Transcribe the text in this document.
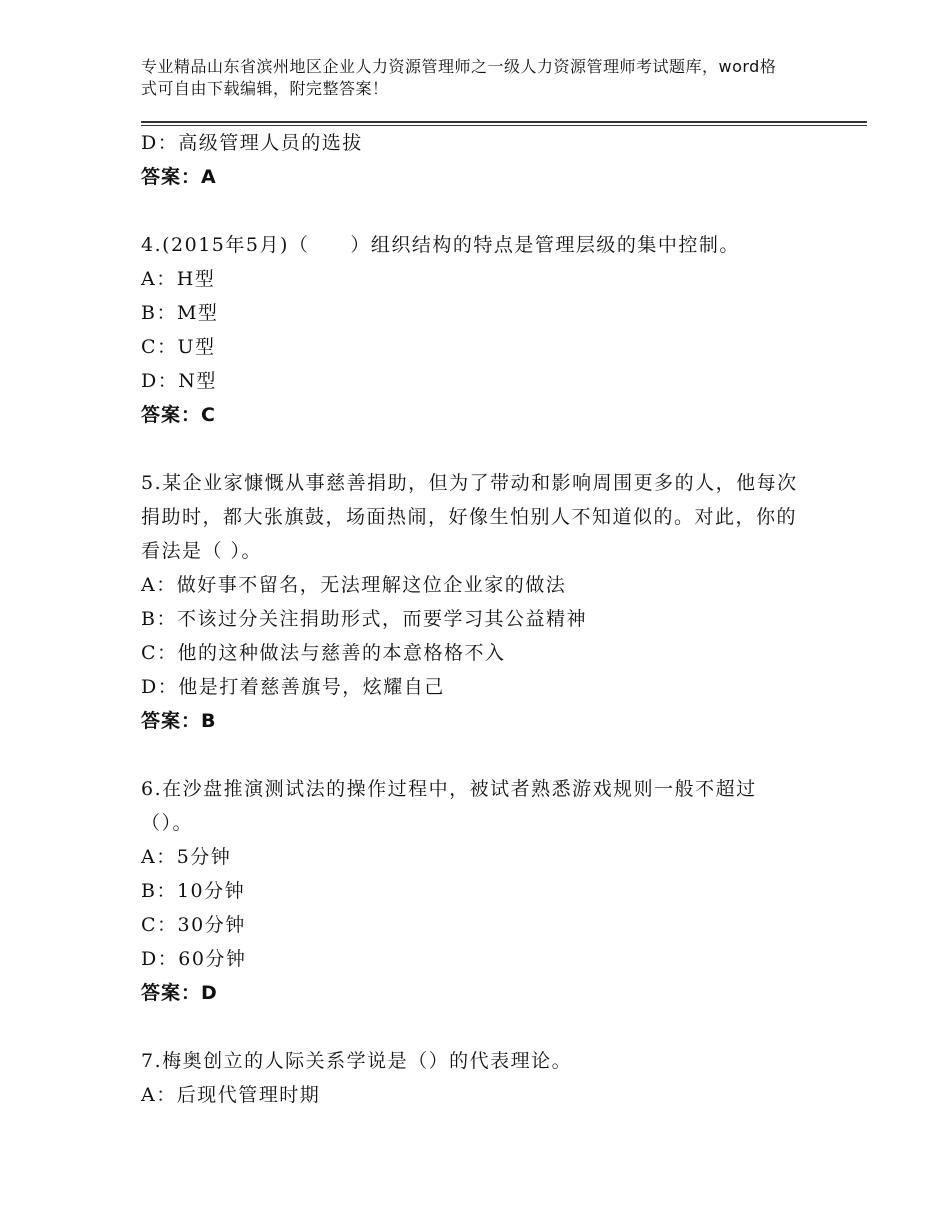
专业精品山东省滨州地区企业人力资源管理师之一级人力资源管理师考试题库，word格式可自由下载编辑，附完整答案！
D：高级管理人员的选拔
答案：A
4.(2015年5月)（　　）组织结构的特点是管理层级的集中控制。
A：H型
B：M型
C：U型
D：N型
答案：C
5.某企业家慷慨从事慈善捐助，但为了带动和影响周围更多的人，他每次捐助时，都大张旗鼓，场面热闹，好像生怕别人不知道似的。对此，你的看法是（ ）。
A：做好事不留名，无法理解这位企业家的做法
B：不该过分关注捐助形式，而要学习其公益精神
C：他的这种做法与慈善的本意格格不入
D：他是打着慈善旗号，炫耀自己
答案：B
6.在沙盘推演测试法的操作过程中，被试者熟悉游戏规则一般不超过（）。
A：5分钟
B：10分钟
C：30分钟
D：60分钟
答案：D
7.梅奥创立的人际关系学说是（）的代表理论。
A：后现代管理时期
